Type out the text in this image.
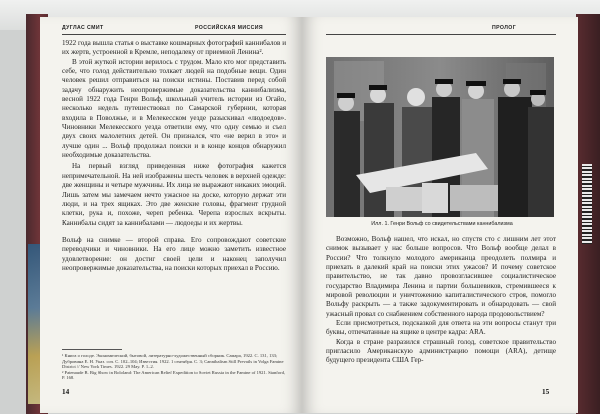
ДУГЛАС СМИТ	РОССИЙСКАЯ МИССИЯ

1922 года вышла статья о выставке кошмарных фотографий каннибалов и их жертв, устроенной в Кремле, неподалеку от приемной Ленина².

В этой жуткой истории верилось с трудом. Мало кто мог представить себе, что голод действительно толкает людей на подобные вещи. Один человек решил отправиться на поиски истины. Поставив перед собой задачу обнаружить неопровержимые доказательства каннибализма, весной 1922 года Генри Вольф, школьный учитель истории из Огайо, несколько недель путешествовал по Самарской губернии, которая входила в Поволжье, и в Мелекесском уезде разыскивал «людоедов». Чиновники Мелекесского уезда ответили ему, что одну семью и съел двух своих малолетних детей. Он признался, что «не верил в это» и лучше один ... Вольф продолжал поиски и в конце концов обнаружил необходимые доказательства.

На первый взгляд приведенная ниже фотография кажется непримечательной. На ней изображены шесть человек в верхней одежде: две женщины и четыре мужчины. Их лица не выражают никаких эмоций. Лишь затем мы замечаем нечто ужасное на доске, которую держат эти люди, и на трех ящиках. Это две женские головы, фрагмент грудной клетки, рука и, похоже, череп ребенка. Черепа взрослых вскрыты. Каннибалы сидят за каннибалами — людоеды и их жертвы.

Вольф на снимке — второй справа. Его сопровождают советские переводчики и чиновники. На его лице можно заметить известное удовлетворение: он достиг своей цели и наконец заполучил неопровержимые доказательства, на поиски которых приехал в Россию.

¹ Книга о голоде. Экономический, бытовой, литературно-художественный сборник. Самара, 1922. С. 131, 133; Дубровина Е. Н. Указ. соч. С. 102–104; Известия. 1922. 1 сентября. С. 3; Cannibalism Still Prevails in Volga Famine District // New York Times. 1922. 29 May. P. 1–2.
² Patenaude B. Big Show in Bololand: The American Relief Expedition to Soviet Russia in the Famine of 1921. Stanford, P. 168.
14
ПРОЛОГ
Илл. 1. Генри Вольф со свидетельствами каннибализма

Возможно, Вольф нашел, что искал, но спустя сто с лишним лет этот снимок вызывает у нас больше вопросов. Что Вольф вообще делал в России? Что толкнуло молодого американца преодолеть полмира и приехать в далекий край на поиски этих ужасов? И почему советское правительство, не так давно провозгласившее социалистическое государство Владимира Ленина и партии большевиков, стремившееся к мировой революции и уничтожению капиталистического строя, помогло Вольфу раскрыть — а также задокументировать и обнародовать — свой ужасный провал со снабжением собственного народа продовольствием?

Если присмотреться, подсказкой для ответа на эти вопросы станут три буквы, отпечатанные на ящике в центре кадра: ARA.

Когда в стране разразился страшный голод, советское правительство пригласило Американскую администрацию помощи (ARA), детище будущего президента США Гер-

15
